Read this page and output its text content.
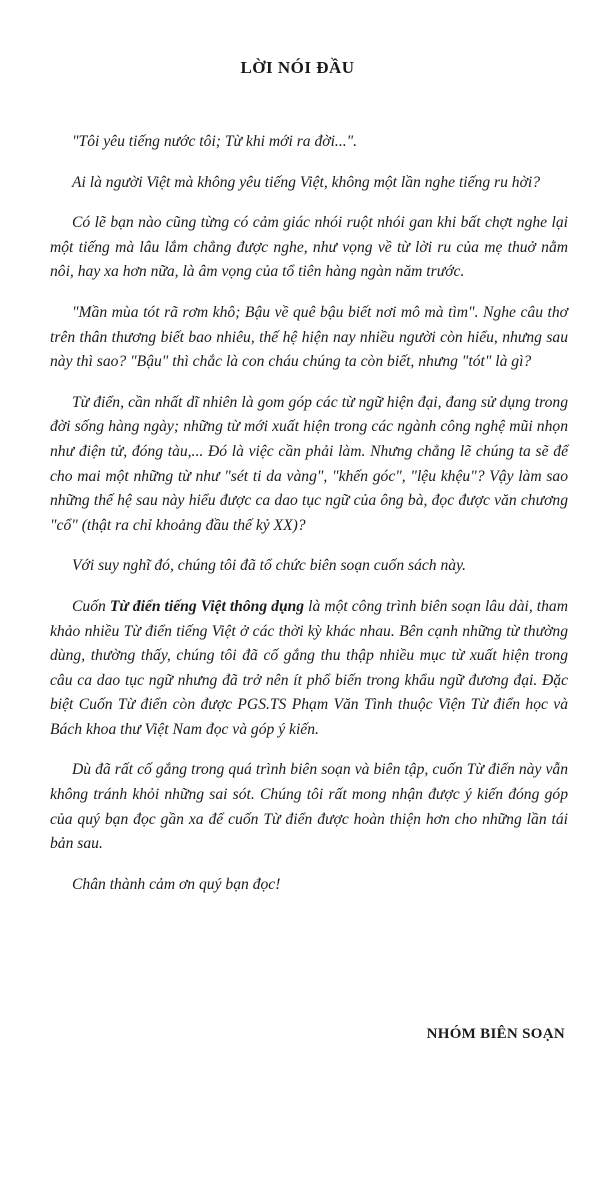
LỜI NÓI ĐẦU

"Tôi yêu tiếng nước tôi; Từ khi mới ra đời...".

Ai là người Việt mà không yêu tiếng Việt, không một lần nghe tiếng ru hời?

Có lẽ bạn nào cũng từng có cảm giác nhói ruột nhói gan khi bất chợt nghe lại một tiếng mà lâu lắm chẳng được nghe, như vọng về từ lời ru của mẹ thuở nằm nôi, hay xa hơn nữa, là âm vọng của tổ tiên hàng ngàn năm trước.

"Mần mùa tót rã rơm khô; Bậu về quê bậu biết nơi mô mà tìm". Nghe câu thơ trên thân thương biết bao nhiêu, thế hệ hiện nay nhiều người còn hiểu, nhưng sau này thì sao? "Bậu" thì chắc là con cháu chúng ta còn biết, nhưng "tót" là gì?

Từ điển, cần nhất dĩ nhiên là gom góp các từ ngữ hiện đại, đang sử dụng trong đời sống hàng ngày; những từ mới xuất hiện trong các ngành công nghệ mũi nhọn như điện tử, đóng tàu,... Đó là việc cần phải làm. Nhưng chẳng lẽ chúng ta sẽ để cho mai một những từ như "sét ti da vàng", "khến góc", "lệu khệu"? Vậy làm sao những thế hệ sau này hiểu được ca dao tục ngữ của ông bà, đọc được văn chương "cổ" (thật ra chỉ khoảng đầu thế kỷ XX)?

Với suy nghĩ đó, chúng tôi đã tổ chức biên soạn cuốn sách này.

Cuốn Từ điển tiếng Việt thông dụng là một công trình biên soạn lâu dài, tham khảo nhiều Từ điển tiếng Việt ở các thời kỳ khác nhau. Bên cạnh những từ thường dùng, thường thấy, chúng tôi đã cố gắng thu thập nhiều mục từ xuất hiện trong câu ca dao tục ngữ nhưng đã trở nên ít phổ biến trong khẩu ngữ đương đại. Đặc biệt Cuốn Từ điển còn được PGS.TS Phạm Văn Tình thuộc Viện Từ điển học và Bách khoa thư Việt Nam đọc và góp ý kiến.

Dù đã rất cố gắng trong quá trình biên soạn và biên tập, cuốn Từ điển này vẫn không tránh khỏi những sai sót. Chúng tôi rất mong nhận được ý kiến đóng góp của quý bạn đọc gần xa để cuốn Từ điển được hoàn thiện hơn cho những lần tái bản sau.

Chân thành cảm ơn quý bạn đọc!

NHÓM BIÊN SOẠN
